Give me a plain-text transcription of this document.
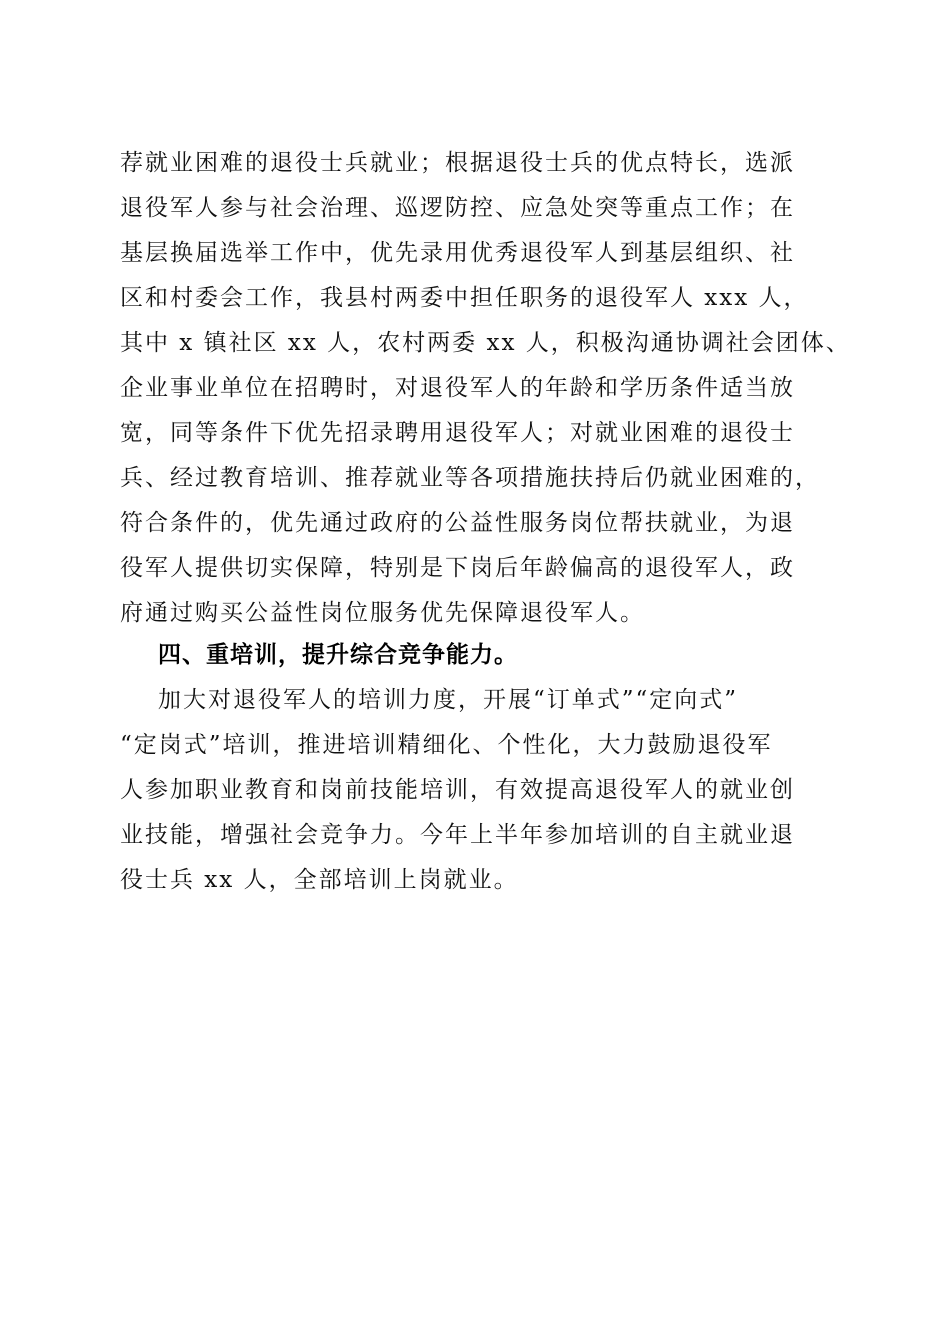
荐就业困难的退役士兵就业；根据退役士兵的优点特长，选派
退役军人参与社会治理、巡逻防控、应急处突等重点工作；在
基层换届选举工作中，优先录用优秀退役军人到基层组织、社
区和村委会工作，我县村两委中担任职务的退役军人 xxx 人，
其中 x 镇社区 xx 人，农村两委 xx 人，积极沟通协调社会团体、
企业事业单位在招聘时，对退役军人的年龄和学历条件适当放
宽，同等条件下优先招录聘用退役军人；对就业困难的退役士
兵、经过教育培训、推荐就业等各项措施扶持后仍就业困难的，
符合条件的，优先通过政府的公益性服务岗位帮扶就业，为退
役军人提供切实保障，特别是下岗后年龄偏高的退役军人，政
府通过购买公益性岗位服务优先保障退役军人。
四、重培训，提升综合竞争能力。
加大对退役军人的培训力度，开展“订单式”“定向式”
“定岗式”培训，推进培训精细化、个性化，大力鼓励退役军
人参加职业教育和岗前技能培训，有效提高退役军人的就业创
业技能，增强社会竞争力。今年上半年参加培训的自主就业退
役士兵 xx 人，全部培训上岗就业。
